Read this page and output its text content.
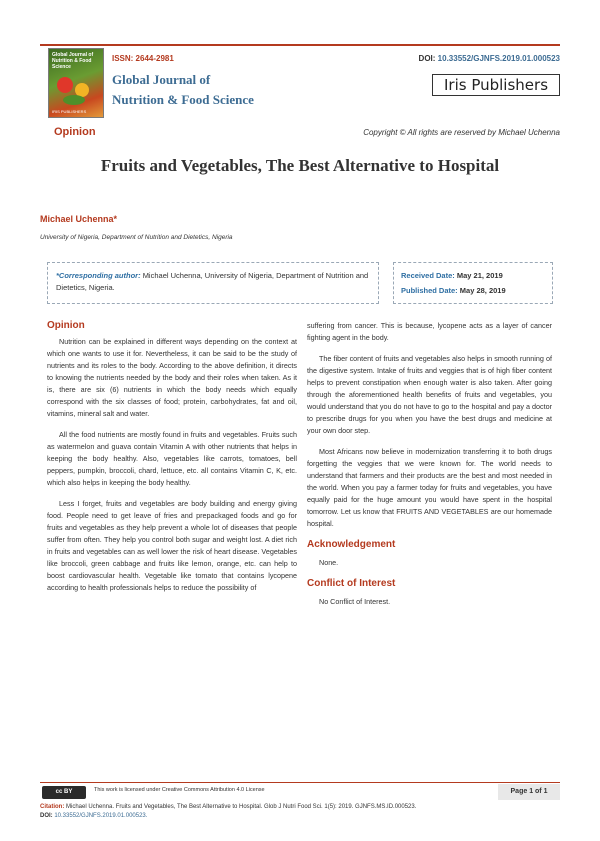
Global Journal of Nutrition & Food Science
IRIS PUBLISHERS
ISSN: 2644-2981
Global Journal of
Nutrition & Food Science
DOI: 10.33552/GJNFS.2019.01.000523
Iris Publishers
Opinion	Copyright © All rights are reserved by Michael Uchenna
Fruits and Vegetables, The Best Alternative to Hospital
Michael Uchenna*
University of Nigeria, Department of Nutrition and Dietetics, Nigeria
*Corresponding author: Michael Uchenna, University of Nigeria, Department of Nutrition and Dietetics, Nigeria.
Received Date: May 21, 2019
Published Date: May 28, 2019
Opinion

Nutrition can be explained in different ways depending on the context at which one wants to use it for. Nevertheless, it can be said to be the study of nutrients and its roles to the body. According to the above definition, it directs to knowing the nutrients needed by the body and their roles when taken. As it is, there are six (6) nutrients in which the body needs which equally correspond with the six classes of food; protein, carbohydrates, fat and oil, vitamins, mineral salt and water.

All the food nutrients are mostly found in fruits and vegetables. Fruits such as watermelon and guava contain Vitamin A with other nutrients that helps in keeping the body healthy. Also, vegetables like carrots, tomatoes, bell peppers, pumpkin, broccoli, chard, lettuce, etc. all contains Vitamin C, K, etc. which also helps in keeping the body healthy.

Less I forget, fruits and vegetables are body building and energy giving food. People need to get leave of fries and prepackaged foods and go for fruits and vegetables as they help prevent a whole lot of diseases that people suffer from often. They help you control both sugar and weight lost. A diet rich in fruits and vegetables can as well lower the risk of heart disease. Vegetables like broccoli, green cabbage and fruits like lemon, orange, etc. can help to boost cardiovascular health. Vegetable like tomato that contains lycopene according to health professionals helps to reduce the possibility of

suffering from cancer. This is because, lycopene acts as a layer of cancer fighting agent in the body.

The fiber content of fruits and vegetables also helps in smooth running of the digestive system. Intake of fruits and veggies that is of high fiber content helps to prevent constipation when enough water is also taken. After going through the aforementioned health benefits of fruits and vegetables, you would understand that you do not have to go to the hospital and pay a doctor to prescribe drugs for you when you have the best drugs and medicine at your own door step.

Most Africans now believe in modernization transferring it to both drugs forgetting the veggies that we were known for. The world needs to understand that farmers and their products are the best and most needed in the world. When you pay a farmer today for fruits and vegetables, you have equally paid for the huge amount you would have spent in the hospital tomorrow. Let us know that FRUITS AND VEGETABLES are our homemade hospital.

Acknowledgement

None.

Conflict of Interest

No Conflict of Interest.

cc BY	This work is licensed under Creative Commons Attribution 4.0 License	Page 1 of 1
Citation: Michael Uchenna. Fruits and Vegetables, The Best Alternative to Hospital. Glob J Nutri Food Sci. 1(5): 2019. GJNFS.MS.ID.000523.
DOI: 10.33552/GJNFS.2019.01.000523.
